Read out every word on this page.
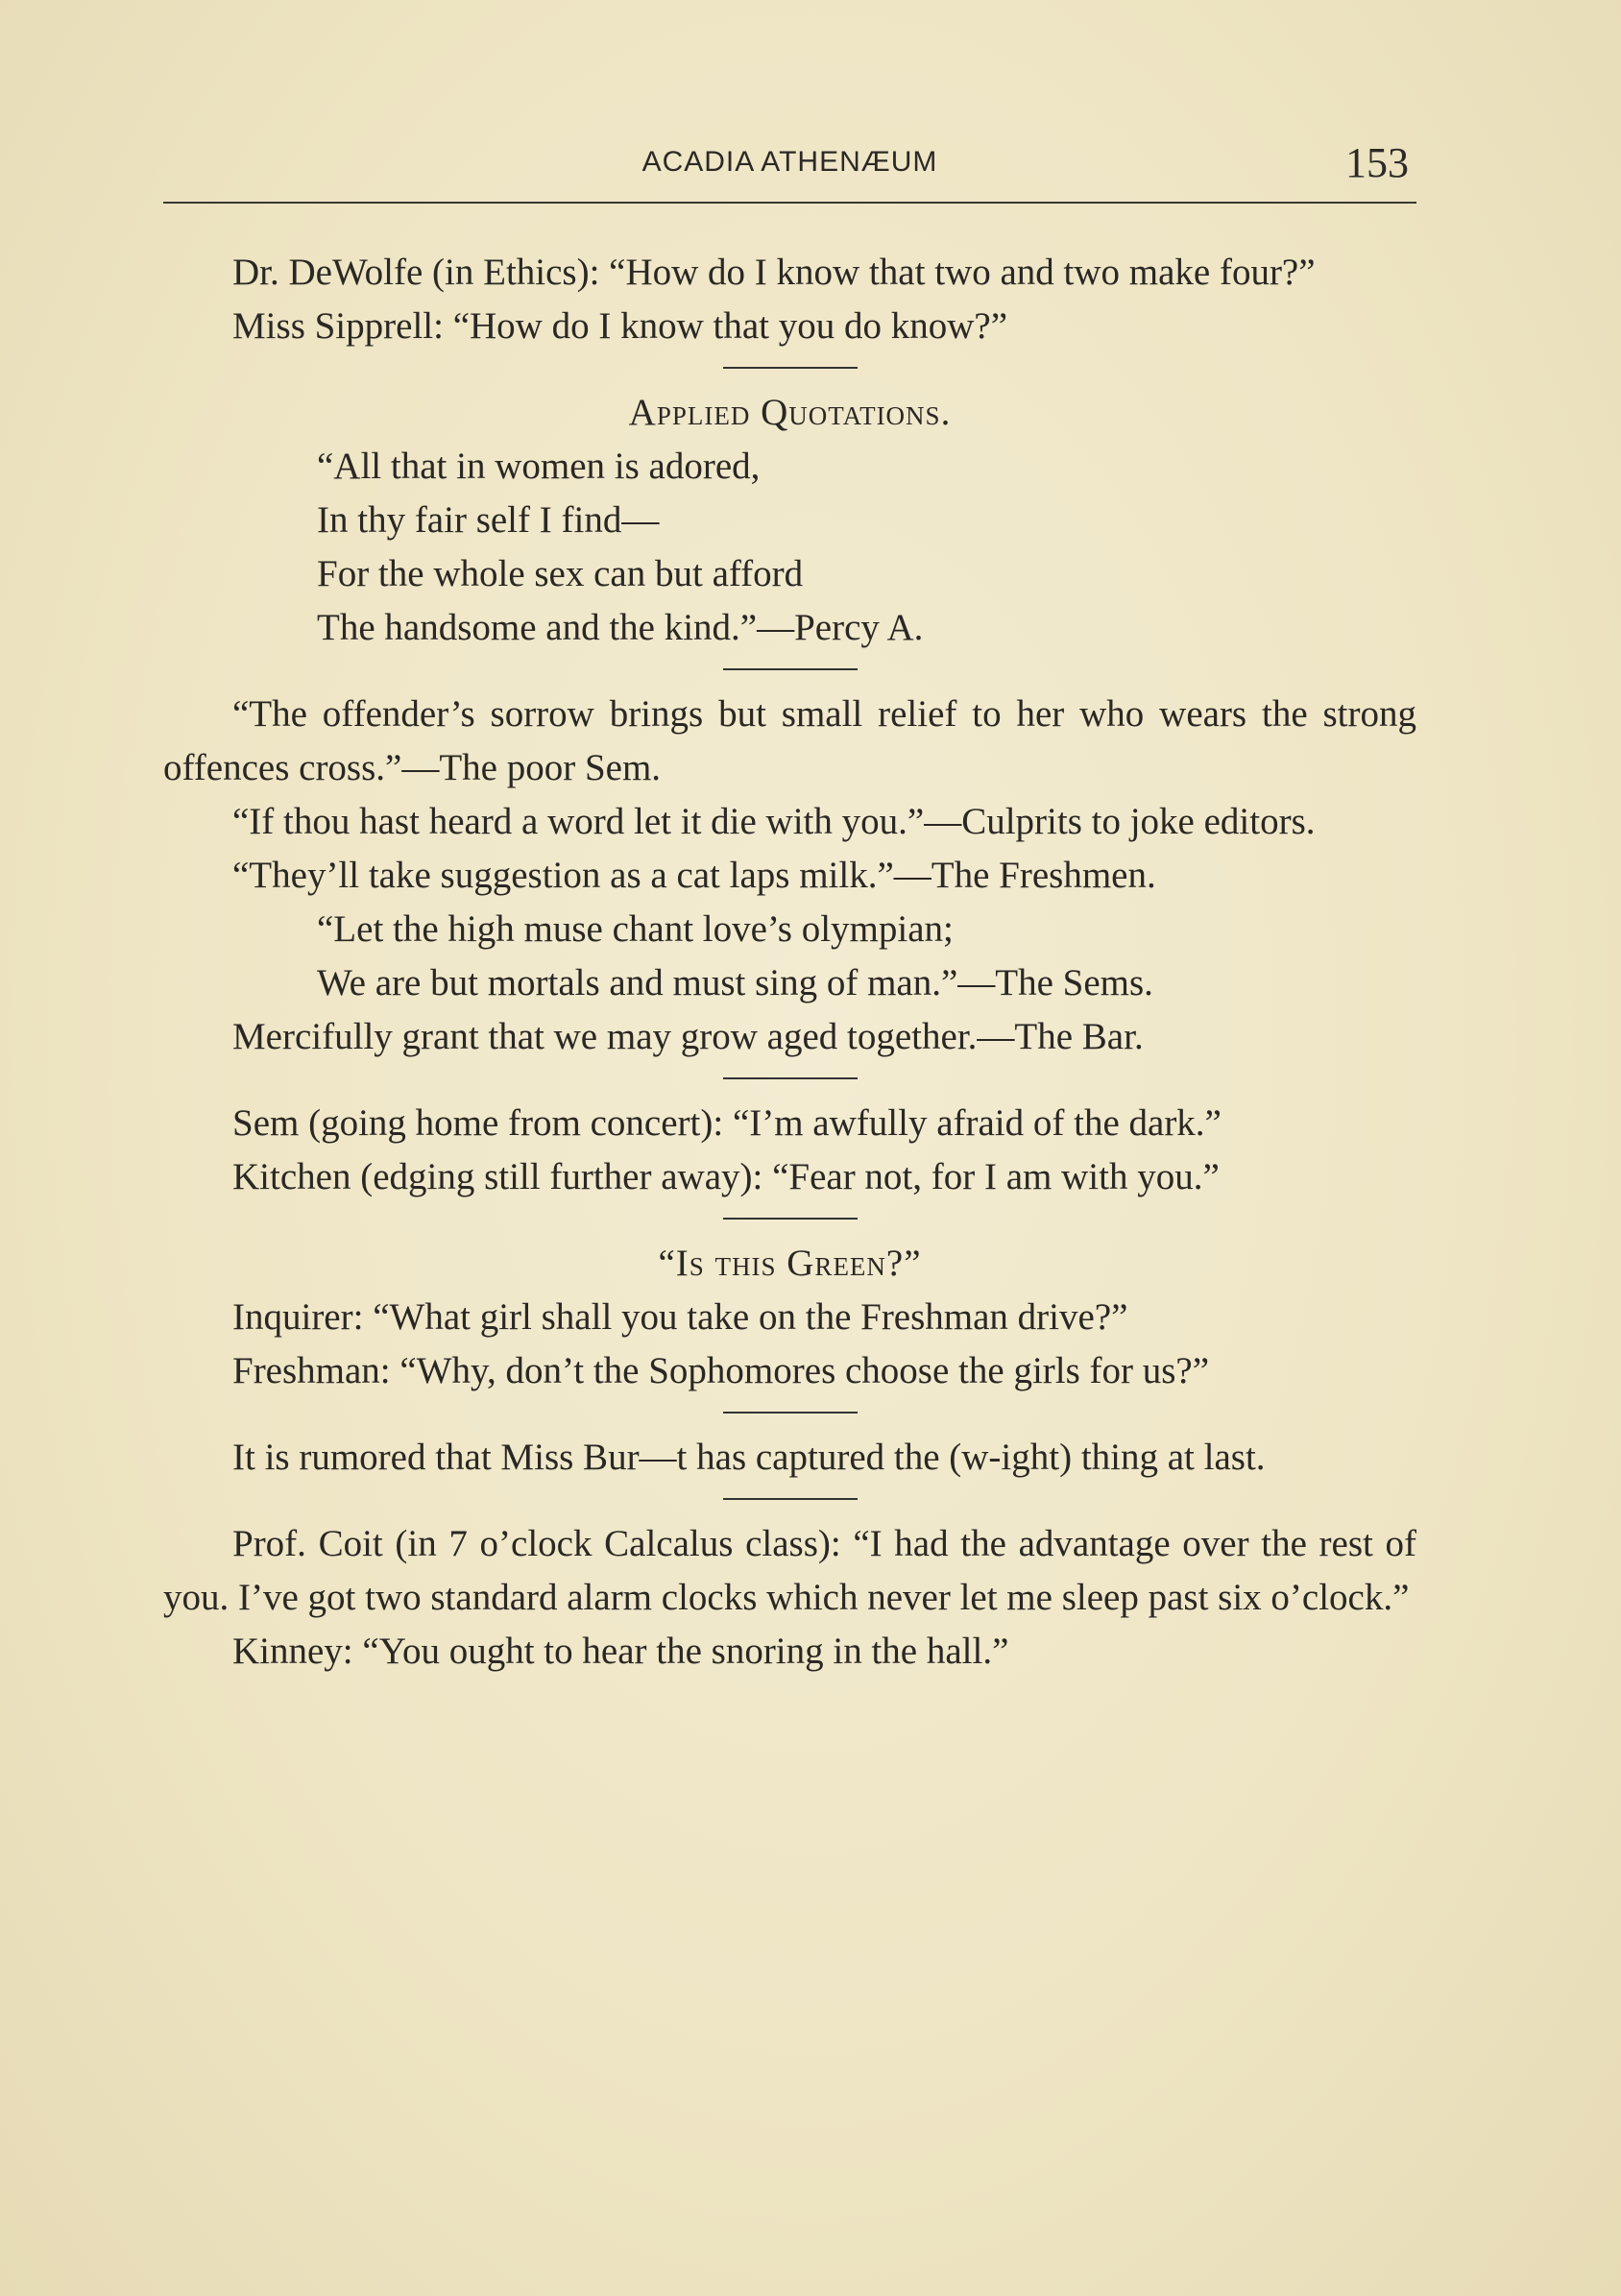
ACADIA ATHENÆUM	153

Dr. DeWolfe (in Ethics): “How do I know that two and two make four?”

Miss Sipprell: “How do I know that you do know?”

Applied Quotations.

“All that in women is adored,

In thy fair self I find—

For the whole sex can but afford

The handsome and the kind.”—Percy A.

“The offender’s sorrow brings but small relief to her who wears the strong offences cross.”—The poor Sem.

“If thou hast heard a word let it die with you.”—Culprits to joke editors.

“They’ll take suggestion as a cat laps milk.”—The Freshmen.

“Let the high muse chant love’s olympian;

We are but mortals and must sing of man.”—The Sems.

Mercifully grant that we may grow aged together.—The Bar.

Sem (going home from concert): “I’m awfully afraid of the dark.”

Kitchen (edging still further away): “Fear not, for I am with you.”

“Is this Green?”

Inquirer: “What girl shall you take on the Freshman drive?”

Freshman: “Why, don’t the Sophomores choose the girls for us?”

It is rumored that Miss Bur—t has captured the (w-ight) thing at last.

Prof. Coit (in 7 o’clock Calcalus class): “I had the advantage over the rest of you. I’ve got two standard alarm clocks which never let me sleep past six o’clock.”

Kinney: “You ought to hear the snoring in the hall.”
